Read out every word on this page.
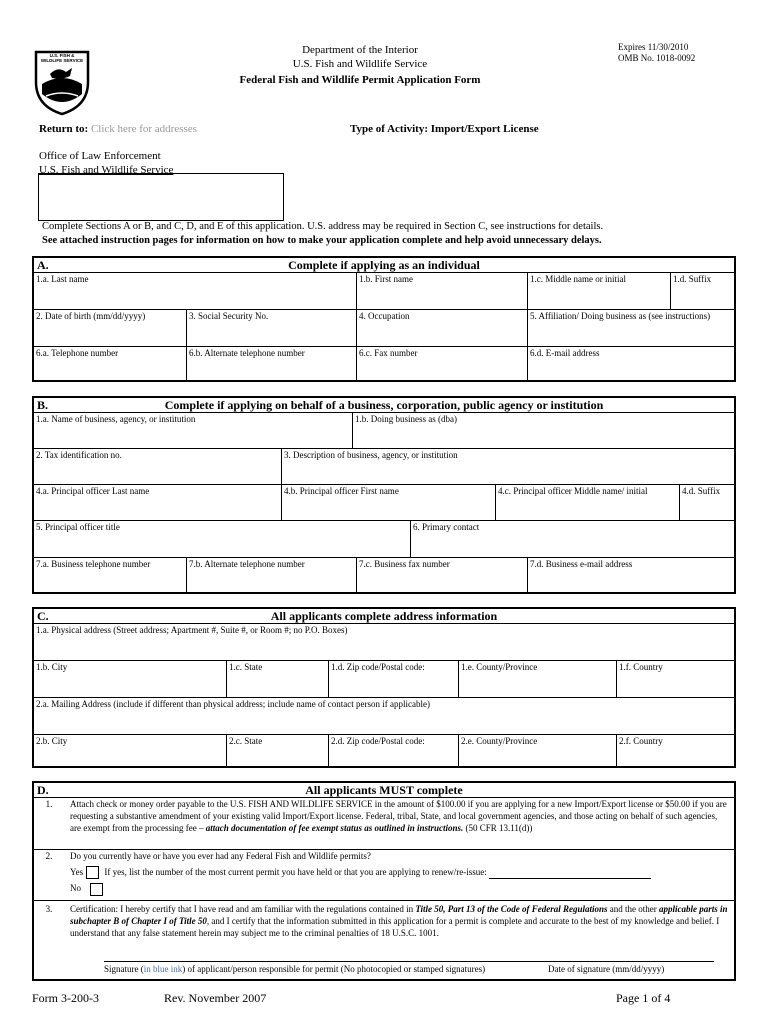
U.S. FISH & WILDLIFE SERVICE
Department of the Interior
U.S. Fish and Wildlife Service
Federal Fish and Wildlife Permit Application Form
Expires 11/30/2010
OMB No. 1018-0092
Return to: Click here for addresses	Type of Activity: Import/Export License
Office of Law Enforcement
U.S. Fish and Wildlife Service
Complete Sections A or B, and C, D, and E of this application. U.S. address may be required in Section C, see instructions for details.
See attached instruction pages for information on how to make your application complete and help avoid unnecessary delays.
A.	Complete if applying as an individual
1.a. Last name	1.b. First name	1.c. Middle name or initial	1.d. Suffix
2. Date of birth (mm/dd/yyyy)	3. Social Security No.	4. Occupation	5. Affiliation/ Doing business as (see instructions)
6.a. Telephone number	6.b. Alternate telephone number	6.c. Fax number	6.d. E-mail address
B.	Complete if applying on behalf of a business, corporation, public agency or institution
1.a. Name of business, agency, or institution	1.b. Doing business as (dba)
2. Tax identification no.	3. Description of business, agency, or institution
4.a. Principal officer Last name	4.b. Principal officer First name	4.c. Principal officer Middle name/ initial	4.d. Suffix
5. Principal officer title	6. Primary contact
7.a. Business telephone number	7.b. Alternate telephone number	7.c. Business fax number	7.d. Business e-mail address
C.	All applicants complete address information
1.a. Physical address (Street address; Apartment #, Suite #, or Room #; no P.O. Boxes)
1.b. City	1.c. State	1.d. Zip code/Postal code:	1.e. County/Province	1.f. Country
2.a. Mailing Address (include if different than physical address; include name of contact person if applicable)
2.b. City	2.c. State	2.d. Zip code/Postal code:	2.e. County/Province	2.f. Country
D.	All applicants MUST complete
1.	Attach check or money order payable to the U.S. FISH AND WILDLIFE SERVICE in the amount of $100.00 if you are applying for a new Import/Export license or $50.00 if you are requesting a substantive amendment of your existing valid Import/Export license. Federal, tribal, State, and local government agencies, and those acting on behalf of such agencies, are exempt from the processing fee – attach documentation of fee exempt status as outlined in instructions. (50 CFR 13.11(d))
2.	Do you currently have or have you ever had any Federal Fish and Wildlife permits?
Yes If yes, list the number of the most current permit you have held or that you are applying to renew/re-issue:
No
3.	Certification: I hereby certify that I have read and am familiar with the regulations contained in Title 50, Part 13 of the Code of Federal Regulations and the other applicable parts in subchapter B of Chapter I of Title 50, and I certify that the information submitted in this application for a permit is complete and accurate to the best of my knowledge and belief. I understand that any false statement herein may subject me to the criminal penalties of 18 U.S.C. 1001.
Signature (in blue ink) of applicant/person responsible for permit (No photocopied or stamped signatures)	Date of signature (mm/dd/yyyy)
Form 3-200-3	Rev. November 2007	Page 1 of 4
